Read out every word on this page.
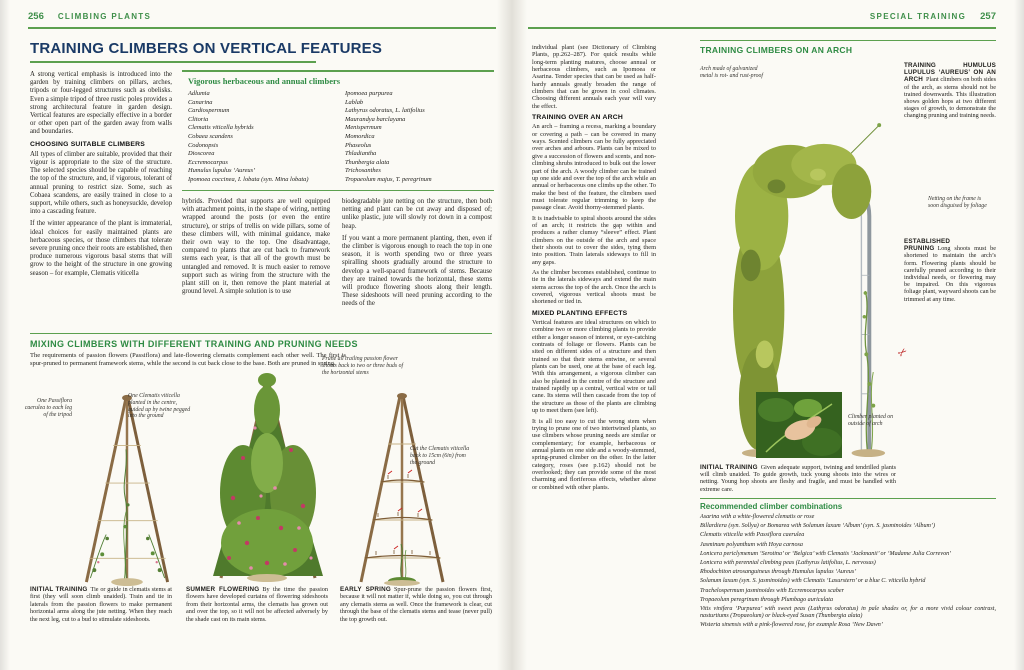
256 CLIMBING PLANTS	SPECIAL TRAINING 257
TRAINING CLIMBERS ON VERTICAL FEATURES

A strong vertical emphasis is introduced into the garden by training climbers on pillars, arches, tripods or four-legged structures such as obelisks. Even a simple tripod of three rustic poles provides a strong architectural feature in garden design. Vertical features are especially effective in a border or other open part of the garden away from walls and boundaries.

CHOOSING SUITABLE CLIMBERS

All types of climber are suitable, provided that their vigour is appropriate to the size of the structure. The selected species should be capable of reaching the top of the structure, and, if vigorous, tolerant of annual pruning to restrict size. Some, such as Cobaea scandens, are easily trained in close to a support, while others, such as honeysuckle, develop into a cascading feature.

If the winter appearance of the plant is immaterial, ideal choices for easily maintained plants are herbaceous species, or those climbers that tolerate severe pruning once their roots are established, then produce numerous vigorous basal stems that will grow to the height of the structure in one growing season – for example, Clematis viticella

Vigorous herbaceous and annual climbers
Adlumia
Canarina
Cardiospermum
Clitoria
Clematis viticella hybrids
Cobaea scandens
Codonopsis
Dioscorea
Eccremocarpus
Humulus lupulus ‘Aureus’
Ipomoea coccinea, I. lobata (syn. Mina lobata)
Ipomoea purpurea
Lablab
Lathyrus odoratus, L. latifolius
Maurandya barclayana
Menispermum
Momordica
Phaseolus
Thladiantha
Thunbergia alata
Trichosanthes
Tropaeolum majus, T. peregrinum

hybrids. Provided that supports are well equipped with attachment points, in the shape of wiring, netting wrapped around the posts (or even the entire structure), or strips of trellis on wide pillars, some of these climbers will, with minimal guidance, make their own way to the top. One disadvantage, compared to plants that are cut back to framework stems each year, is that all of the growth must be untangled and removed. It is much easier to remove support such as wiring from the structure with the plant still on it, then remove the plant material at ground level. A simple solution is to use

biodegradable jute netting on the structure, then both netting and plant can be cut away and disposed of; unlike plastic, jute will slowly rot down in a compost heap.

If you want a more permanent planting, then, even if the climber is vigorous enough to reach the top in one season, it is worth spending two or three years spiralling shoots gradually around the structure to develop a well-spaced framework of stems. Because they are trained towards the horizontal, these stems will produce flowering shoots along their length. These sideshoots will need pruning according to the needs of the

MIXING CLIMBERS WITH DIFFERENT TRAINING AND PRUNING NEEDS
The requirements of passion flowers (Passiflora) and late-flowering clematis complement each other well. The first is spur-pruned to permanent framework stems, while the second is cut back close to the base. Both are pruned in spring.
One Passiflora caerulea to each leg of the tripod
One Clematis viticella planted in the centre, guided up by twine pegged into the ground
Prune all trailing passion flower shoots back to two or three buds of the horizontal stems
Cut the Clematis viticella back to 15cm (6in) from the ground
INITIAL TRAINING Tie or guide in clematis stems at first (they will soon climb unaided). Train and tie in laterals from the passion flowers to make permanent horizontal arms along the jute netting. When they reach the next leg, cut to a bud to stimulate sideshoots.
SUMMER FLOWERING By the time the passion flowers have developed curtains of flowering sideshoots from their horizontal arms, the clematis has grown out and over the top, so it will not be affected adversely by the shade cast on its main stems.
EARLY SPRING Spur-prune the passion flowers first, because it will not matter if, while doing so, you cut through any clematis stems as well. Once the framework is clear, cut through the base of the clematis stems and tease (never pull) the top growth out.

individual plant (see Dictionary of Climbing Plants, pp.262–287). For quick results while long-term planting matures, choose annual or herbaceous climbers, such as Ipomoea or Asarina. Tender species that can be used as half-hardy annuals greatly broaden the range of climbers that can be grown in cool climates. Choosing different annuals each year will vary the effect.

TRAINING OVER AN ARCH

An arch – framing a recess, marking a boundary or covering a path – can be covered in many ways. Scented climbers can be fully appreciated over arches and arbours. Plants can be mixed to give a succession of flowers and scents, and non-climbing shrubs introduced to bulk out the lower part of the arch. A woody climber can be trained up one side and over the top of the arch while an annual or herbaceous one climbs up the other. To make the best of the feature, the climbers used must tolerate regular trimming to keep the passage clear. Avoid thorny-stemmed plants.

It is inadvisable to spiral shoots around the sides of an arch; it restricts the gap within and produces a rather clumsy “sleeve” effect. Plant climbers on the outside of the arch and space their shoots out to cover the sides, tying them into position. Train laterals sideways to fill in any gaps.

As the climber becomes established, continue to tie in the laterals sideways and extend the main stems across the top of the arch. Once the arch is covered, vigorous vertical shoots must be shortened or tied in.

MIXED PLANTING EFFECTS

Vertical features are ideal structures on which to combine two or more climbing plants to provide either a longer season of interest, or eye-catching contrasts of foliage or flowers. Plants can be sited on different sides of a structure and then trained so that their stems entwine, or several plants can be used, one at the base of each leg. With this arrangement, a vigorous climber can also be planted in the centre of the structure and trained rapidly up a central, vertical wire or tall cane. Its stems will then cascade from the top of the structure as those of the plants are climbing up to meet them (see left).

It is all too easy to cut the wrong stem when trying to prune one of two intertwined plants, so use climbers whose pruning needs are similar or complementary; for example, herbaceous or annual plants on one side and a woody-stemmed, spring-pruned climber on the other. In the latter category, roses (see p.162) should not be overlooked; they can provide some of the most charming and floriferous effects, whether alone or combined with other plants.

TRAINING CLIMBERS ON AN ARCH
Arch made of galvanized metal is rot- and rust-proof
TRAINING HUMULUS LUPULUS ‘AUREUS’ ON AN ARCH Plant climbers on both sides of the arch, as stems should not be trained downwards. This illustration shows golden hops at two different stages of growth, to demonstrate the changing pruning and training needs.
Netting on the frame is soon disguised by foliage
ESTABLISHED PRUNING Long shoots must be shortened to maintain the arch’s form. Flowering plants should be carefully pruned according to their individual needs, or flowering may be impaired. On this vigorous foliage plant, wayward shoots can be trimmed at any time.
✂
Climber planted on outside of arch
INITIAL TRAINING Given adequate support, twining and tendrilled plants will climb unaided. To guide growth, tuck young shoots into the wires or netting. Young hop shoots are fleshy and fragile, and must be handled with extreme care.
Recommended climber combinations
Asarina with a white-flowered clematis or rose
Billardiera (syn. Sollya) or Bomarea with Solanum laxum ‘Album’ (syn. S. jasminoides ‘Album’)
Clematis viticella with Passiflora caerulea
Jasminum polyanthum with Hoya carnosa
Lonicera periclymenum ‘Serotina’ or ‘Belgica’ with Clematis ‘Jackmanii’ or ‘Madame Julia Correvon’
Lonicera with perennial climbing peas (Lathyrus latifolius, L. nervosus)
Rhodochiton atrosanguineus through Humulus lupulus ‘Aureus’
Solanum laxum (syn. S. jasminoides) with Clematis ‘Lasurstern’ or a blue C. viticella hybrid
Trachelospermum jasminoides with Eccremocarpus scaber
Tropaeolum peregrinum through Plumbago auriculata
Vitis vinifera ‘Purpurea’ with sweet peas (Lathyrus odoratus) in pale shades or, for a more vivid colour contrast, nasturtiums (Tropaeolum) or black-eyed Susan (Thunbergia alata)
Wisteria sinensis with a pink-flowered rose, for example Rosa ‘New Dawn’
